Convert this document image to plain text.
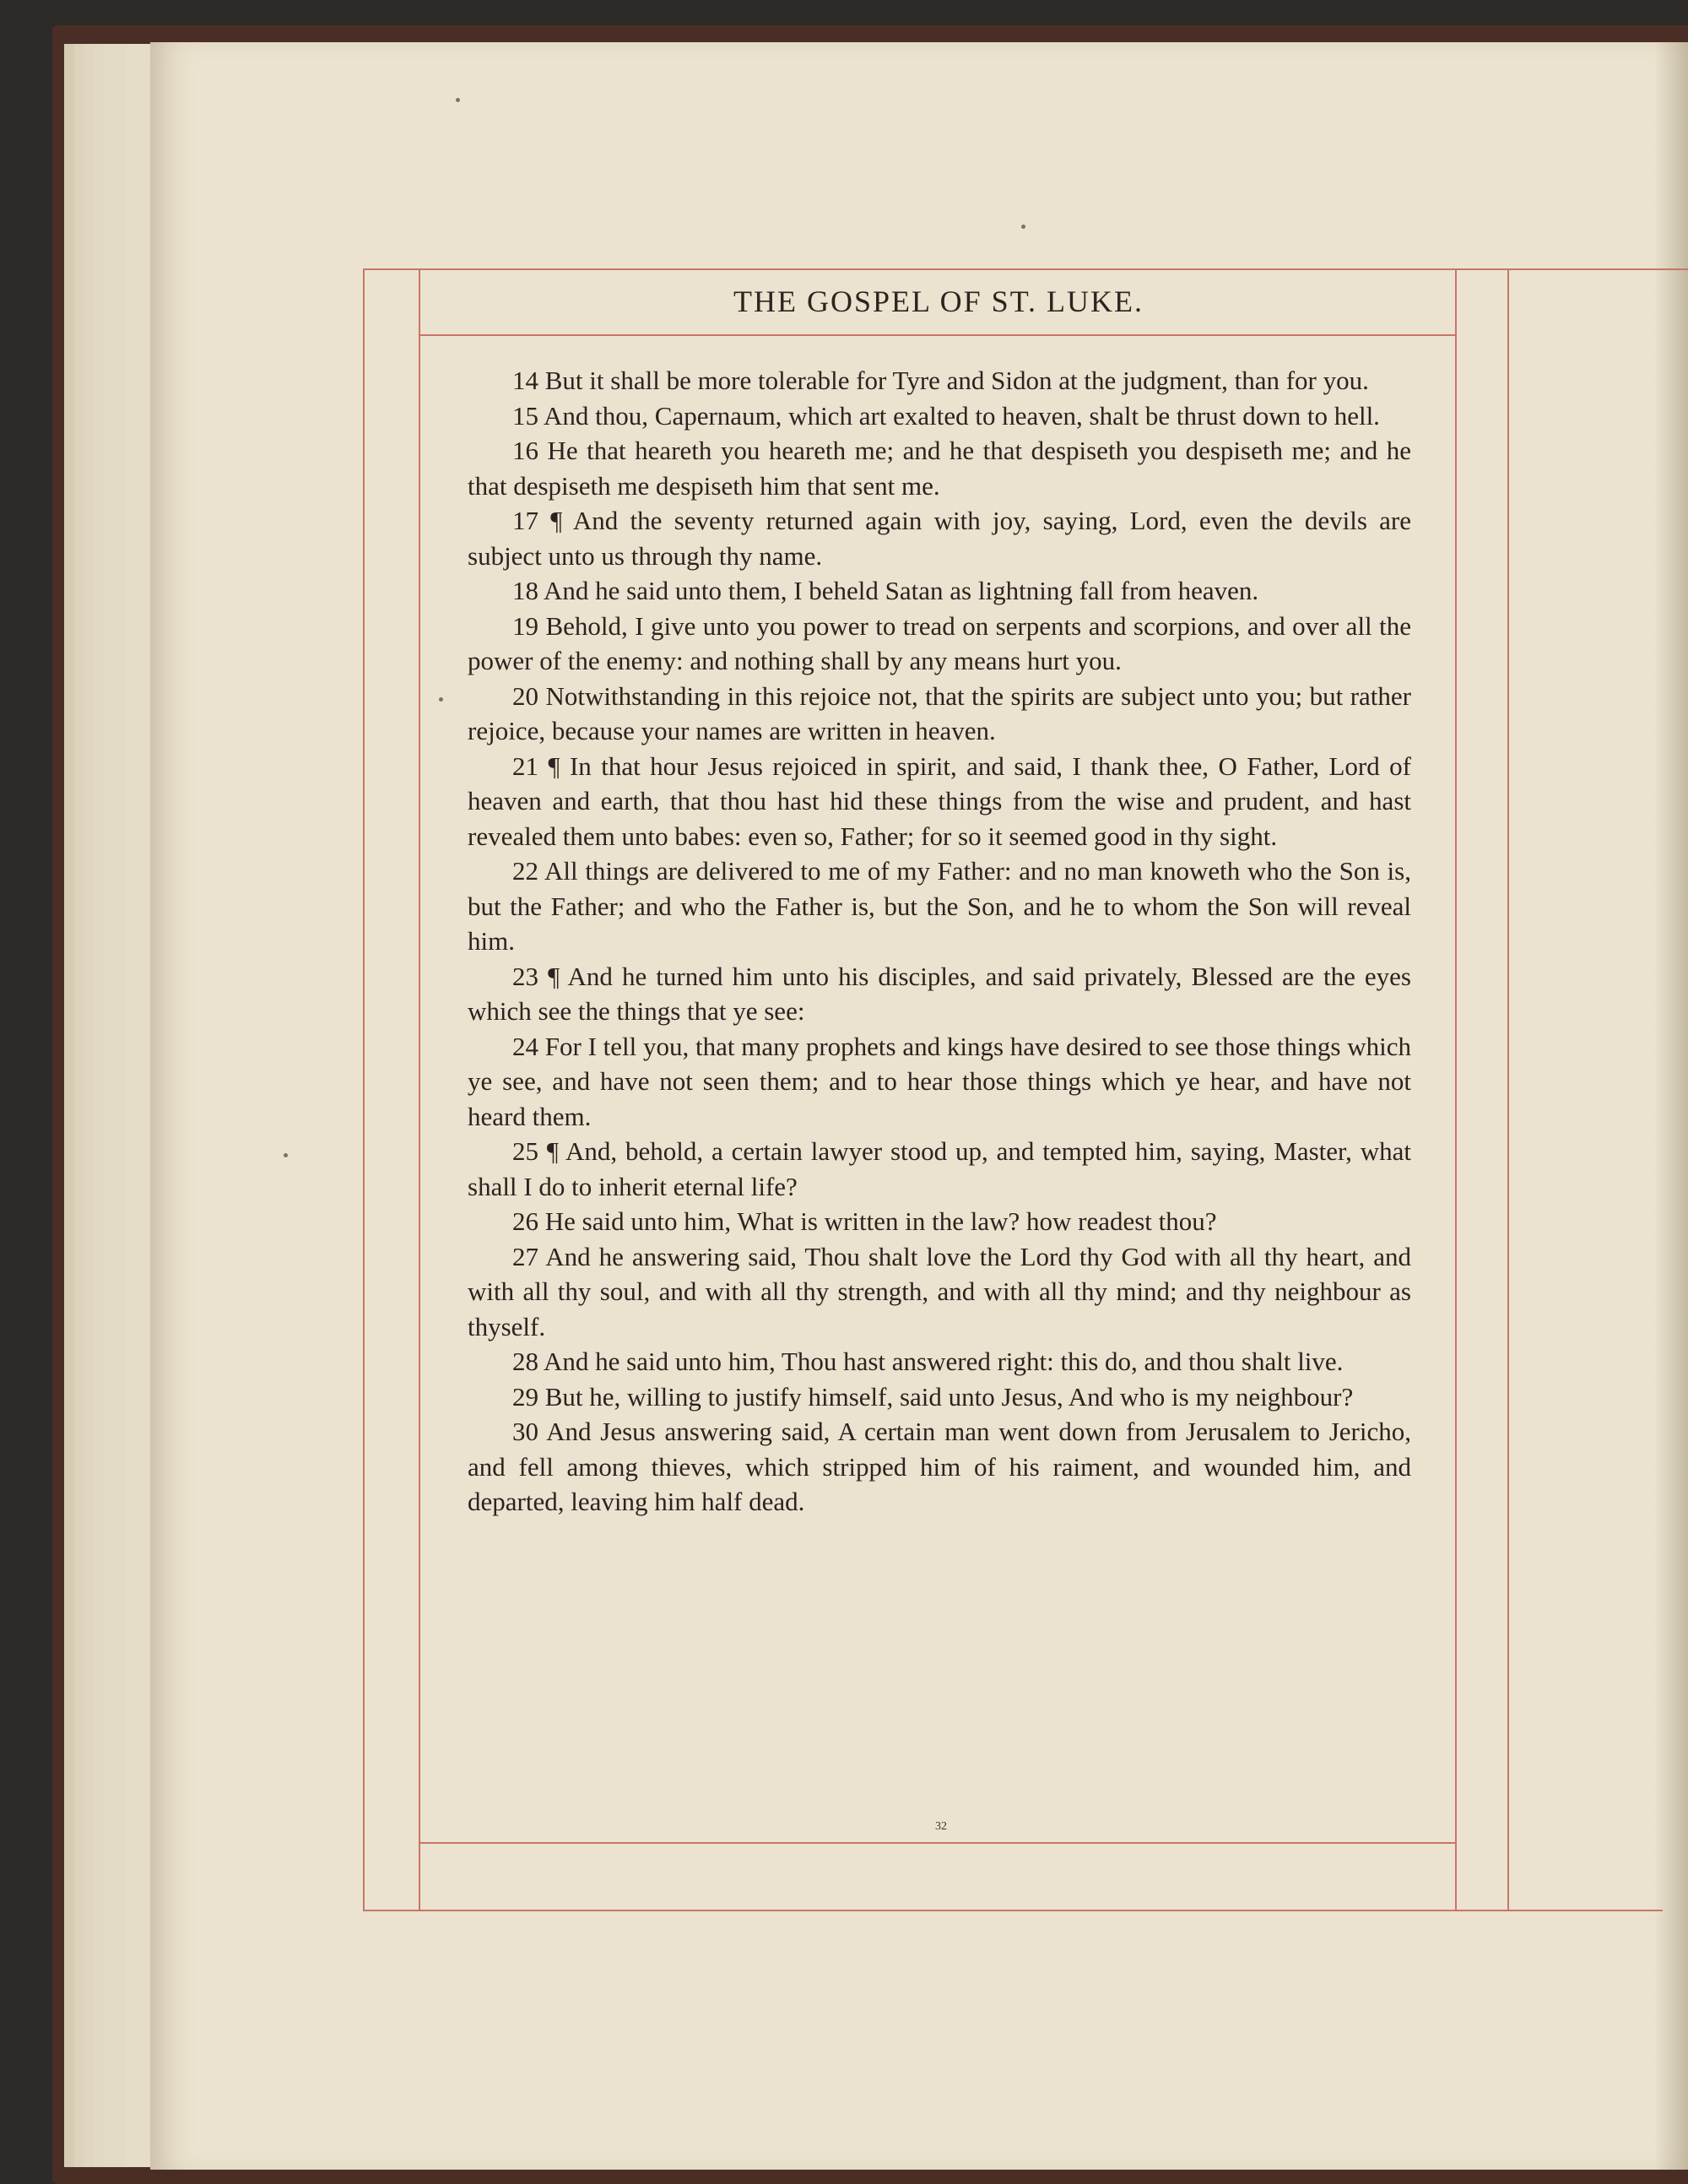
THE GOSPEL OF ST. LUKE.

14 But it shall be more tolerable for Tyre and Sidon at the judgment, than for you.

15 And thou, Capernaum, which art exalted to heaven, shalt be thrust down to hell.

16 He that heareth you heareth me; and he that despiseth you despiseth me; and he that despiseth me despiseth him that sent me.

17 ¶ And the seventy returned again with joy, saying, Lord, even the devils are subject unto us through thy name.

18 And he said unto them, I beheld Satan as lightning fall from heaven.

19 Behold, I give unto you power to tread on serpents and scorpions, and over all the power of the enemy: and nothing shall by any means hurt you.

20 Notwithstanding in this rejoice not, that the spirits are subject unto you; but rather rejoice, because your names are written in heaven.

21 ¶ In that hour Jesus rejoiced in spirit, and said, I thank thee, O Father, Lord of heaven and earth, that thou hast hid these things from the wise and prudent, and hast revealed them unto babes: even so, Father; for so it seemed good in thy sight.

22 All things are delivered to me of my Father: and no man knoweth who the Son is, but the Father; and who the Father is, but the Son, and he to whom the Son will reveal him.

23 ¶ And he turned him unto his disciples, and said privately, Blessed are the eyes which see the things that ye see:

24 For I tell you, that many prophets and kings have desired to see those things which ye see, and have not seen them; and to hear those things which ye hear, and have not heard them.

25 ¶ And, behold, a certain lawyer stood up, and tempted him, saying, Master, what shall I do to inherit eternal life?

26 He said unto him, What is written in the law? how readest thou?

27 And he answering said, Thou shalt love the Lord thy God with all thy heart, and with all thy soul, and with all thy strength, and with all thy mind; and thy neighbour as thyself.

28 And he said unto him, Thou hast answered right: this do, and thou shalt live.

29 But he, willing to justify himself, said unto Jesus, And who is my neighbour?

30 And Jesus answering said, A certain man went down from Jerusalem to Jericho, and fell among thieves, which stripped him of his raiment, and wounded him, and departed, leaving him half dead.

32
